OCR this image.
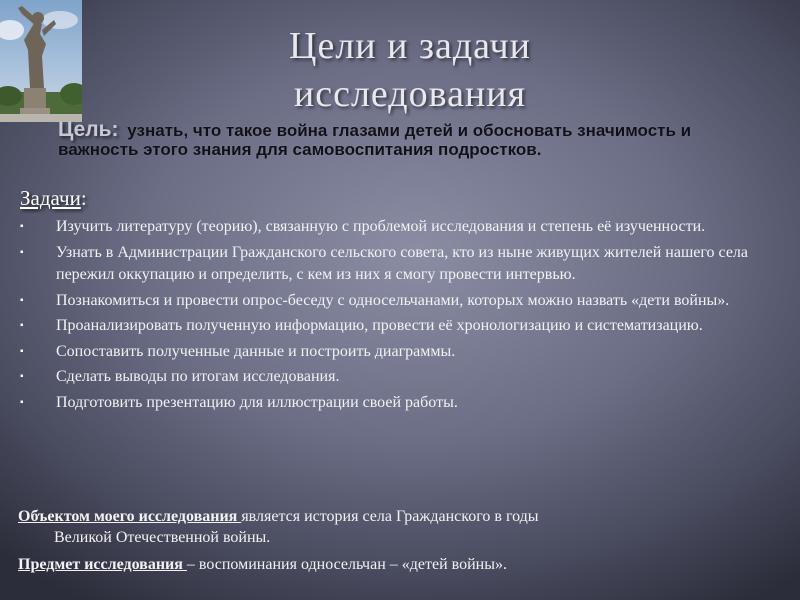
Цели и задачи
исследования
Цель: узнать, что такое война глазами детей и обосновать значимость и важность этого знания для самовоспитания подростков.
Задачи:
▪ Изучить литературу (теорию), связанную с проблемой исследования и степень её изученности.
▪ Узнать в Администрации Гражданского сельского совета, кто из ныне живущих жителей нашего села пережил оккупацию и определить, с кем из них я смогу провести интервью.
▪ Познакомиться и провести опрос-беседу с односельчанами, которых можно назвать «дети войны».
▪ Проанализировать полученную информацию, провести её хронологизацию и систематизацию.
▪ Сопоставить полученные данные и построить диаграммы.
▪ Сделать выводы по итогам исследования.
▪ Подготовить презентацию для иллюстрации своей работы.
Объектом моего исследования является история села Гражданского в годы
Великой Отечественной войны.
Предмет исследования – воспоминания односельчан – «детей войны».
